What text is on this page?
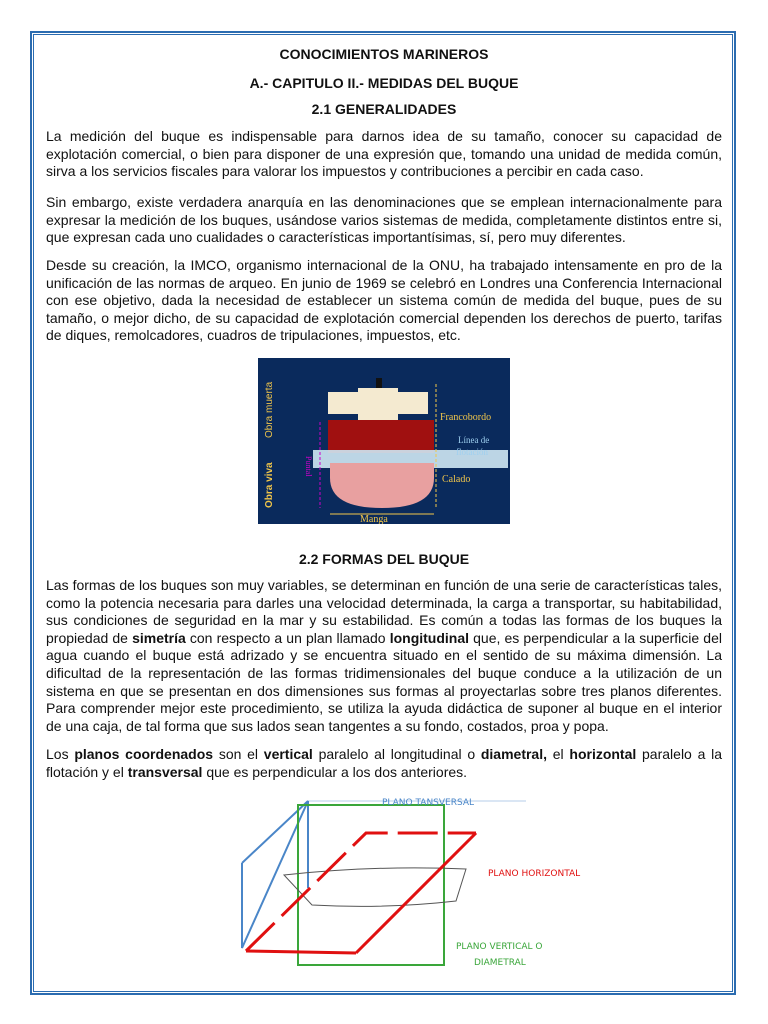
CONOCIMIENTOS MARINEROS
A.- CAPITULO II.- MEDIDAS DEL BUQUE
2.1 GENERALIDADES

La medición del buque es indispensable para darnos idea de su tamaño, conocer su capacidad de explotación comercial, o bien para disponer de una expresión que, tomando una unidad de medida común, sirva a los servicios fiscales para valorar los impuestos y contribuciones a percibir en cada caso.

Sin embargo, existe verdadera anarquía en las denominaciones que se emplean internacionalmente para expresar la medición de los buques, usándose varios sistemas de medida, completamente distintos entre si, que expresan cada uno cualidades o características importantísimas, sí, pero muy diferentes.

Desde su creación, la IMCO, organismo internacional de la ONU, ha trabajado intensamente en pro de la unificación de las normas de arqueo. En junio de 1969 se celebró en Londres una Conferencia Internacional con ese objetivo, dada la necesidad de establecer un sistema común de medida del buque, pues de su tamaño, o mejor dicho, de su capacidad de explotación comercial dependen los derechos de puerto, tarifas de diques, remolcadores, cuadros de tripulaciones, impuestos, etc.

Obra muerta
Obra viva	Puntal
Francobordo
Línea de
flotación
Calado
Manga
2.2 FORMAS DEL BUQUE

Las formas de los buques son muy variables, se determinan en función de una serie de características tales, como la potencia necesaria para darles una velocidad determinada, la carga a transportar, su habitabilidad, sus condiciones de seguridad en la mar y su estabilidad. Es común a todas las formas de los buques la propiedad de simetría con respecto a un plan llamado longitudinal que, es perpendicular a la superficie del agua cuando el buque está adrizado y se encuentra situado en el sentido de su máxima dimensión. La dificultad de la representación de las formas tridimensionales del buque conduce a la utilización de un sistema en que se presentan en dos dimensiones sus formas al proyectarlas sobre tres planos diferentes. Para comprender mejor este procedimiento, se utiliza la ayuda didáctica de suponer al buque en el interior de una caja, de tal forma que sus lados sean tangentes a su fondo, costados, proa y popa.

Los planos coordenados son el vertical paralelo al longitudinal o diametral, el horizontal paralelo a la flotación y el transversal que es perpendicular a los dos anteriores.

PLANO TANSVERSAL
PLANO HORIZONTAL
PLANO VERTICAL O
DIAMETRAL
